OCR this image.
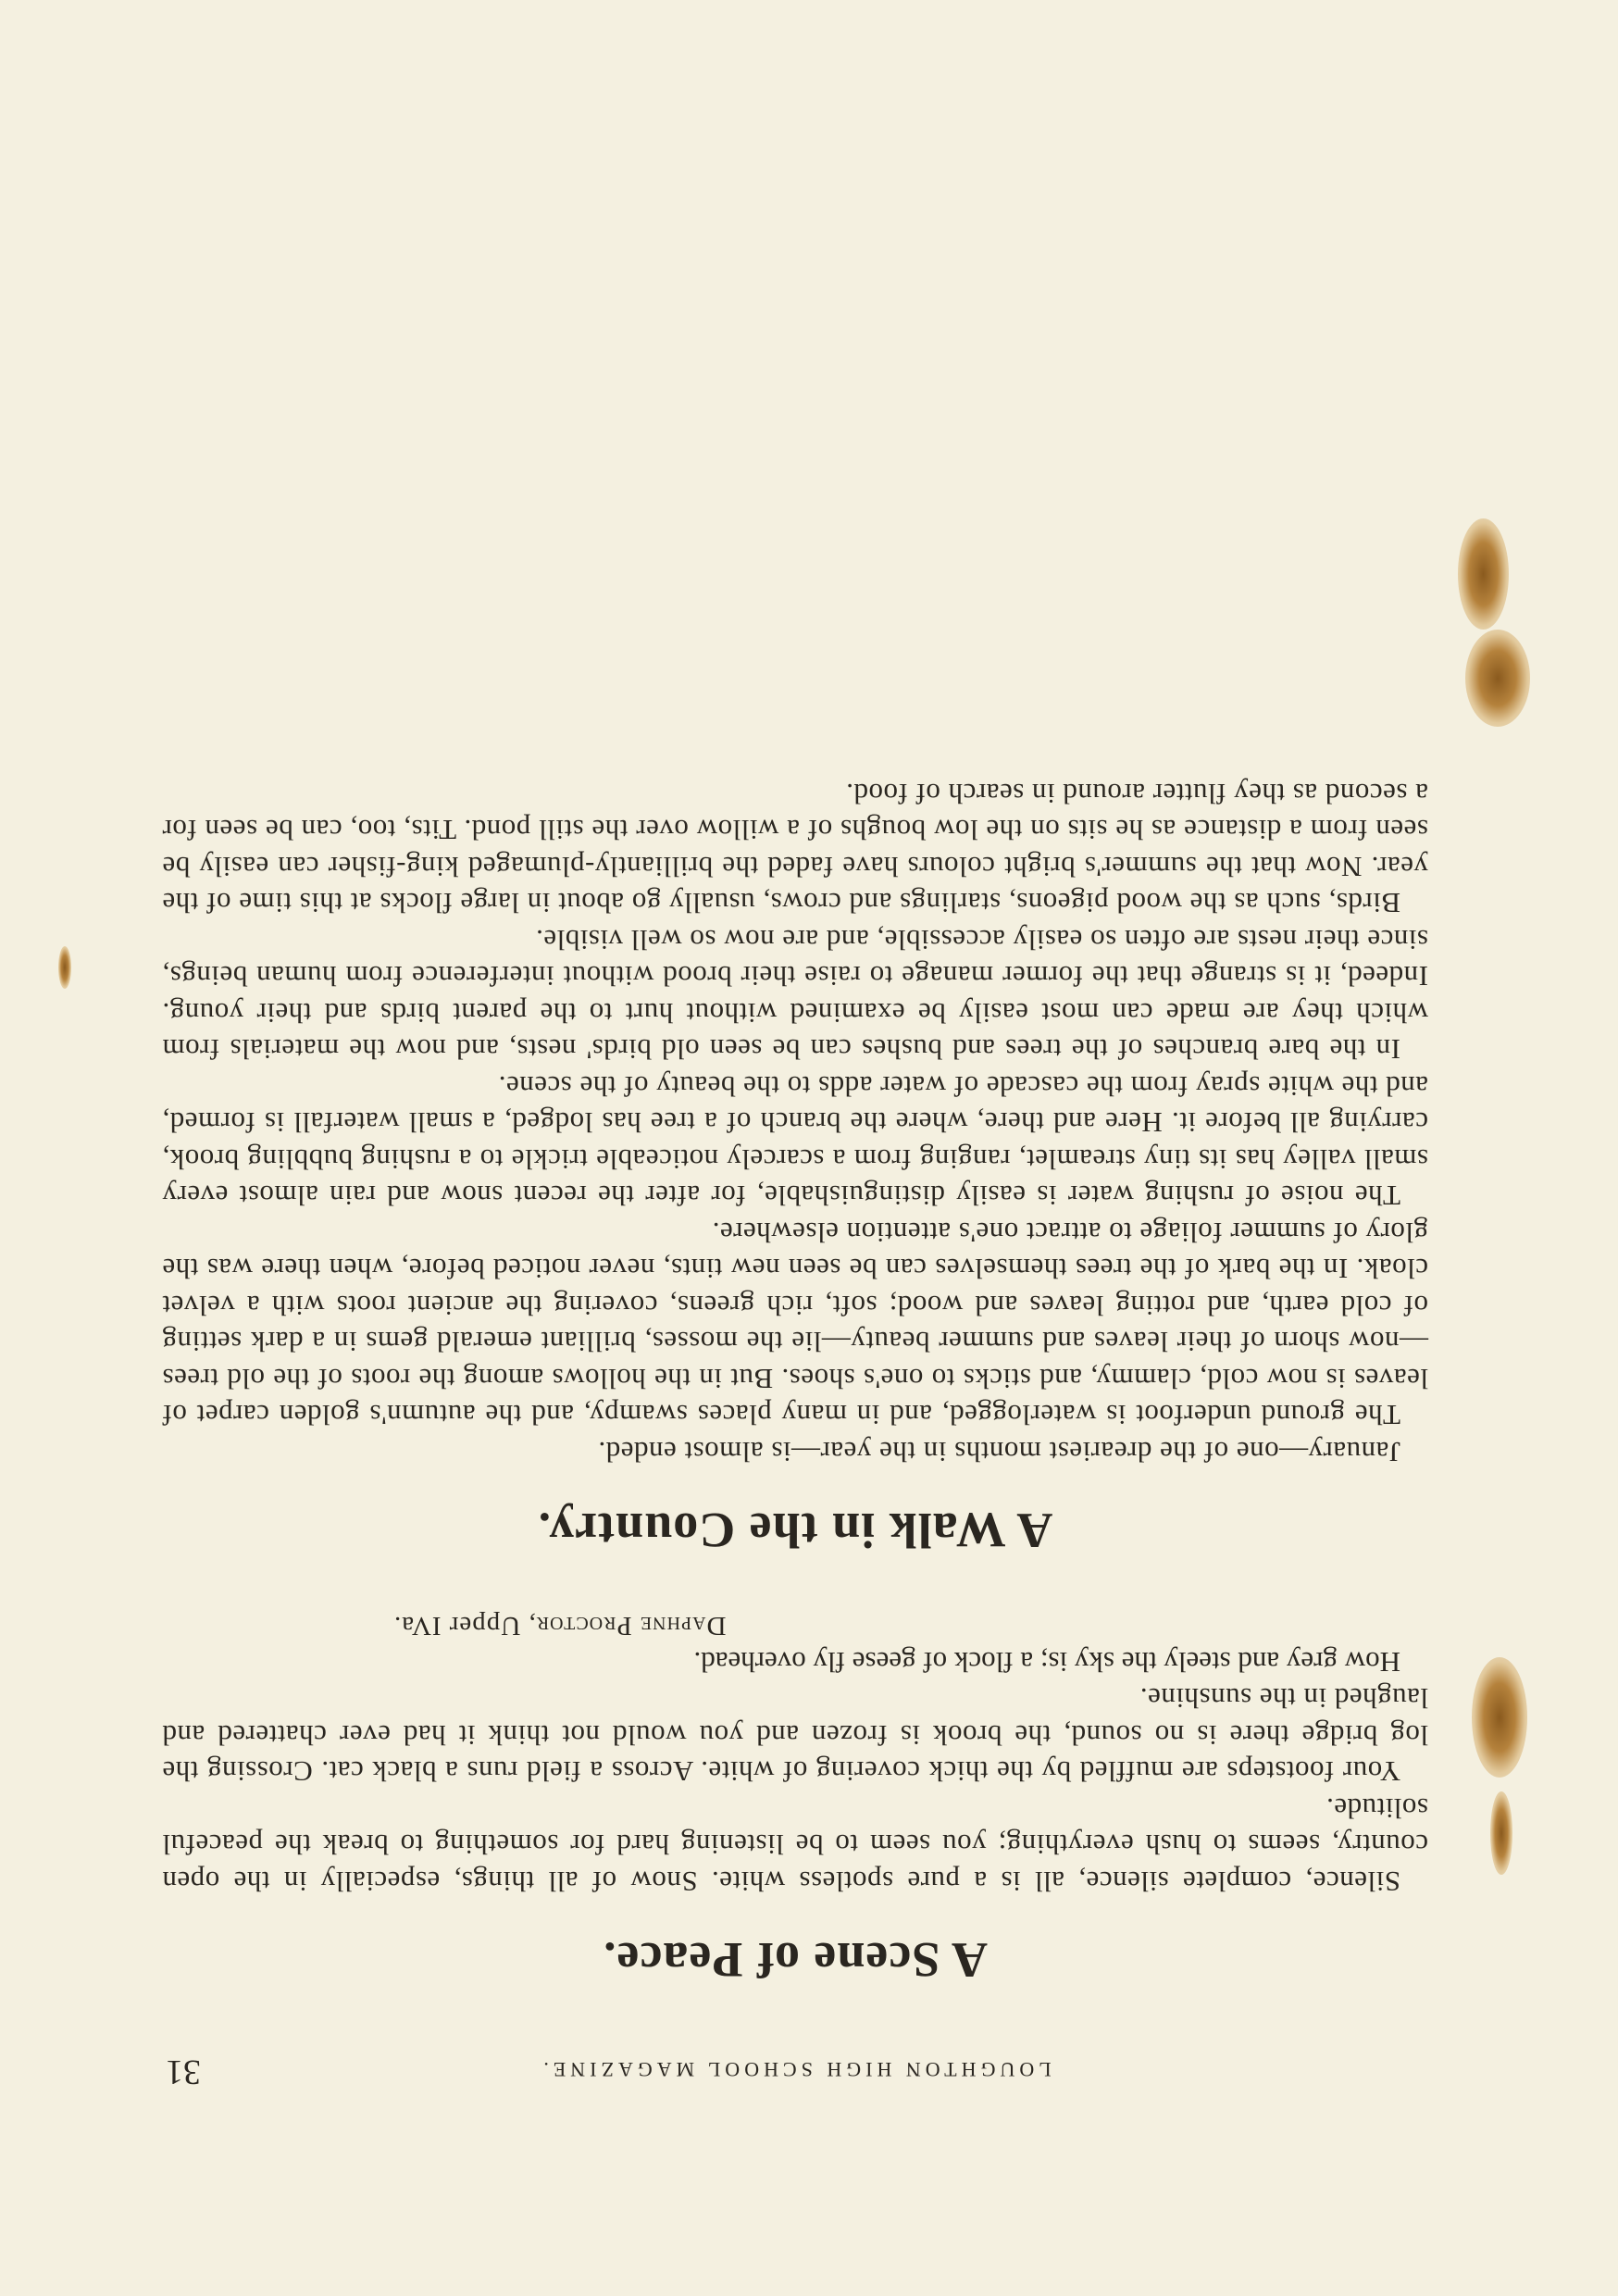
LOUGHTON HIGH SCHOOL MAGAZINE.
31
A Scene of Peace.

Silence, complete silence, all is a pure spotless white. Snow of all things, especially in the open country, seems to hush everything; you seem to be listening hard for something to break the peaceful solitude.

Your footsteps are muffled by the thick covering of white. Across a field runs a black cat. Crossing the log bridge there is no sound, the brook is frozen and you would not think it had ever chattered and laughed in the sunshine.

How grey and steely the sky is; a flock of geese fly overhead.

Daphne Proctor, Upper IVa.
A Walk in the Country.

January—one of the dreariest months in the year—is almost ended.

The ground underfoot is waterlogged, and in many places swampy, and the autumn's golden carpet of leaves is now cold, clammy, and sticks to one's shoes. But in the hollows among the roots of the old trees—now shorn of their leaves and summer beauty—lie the mosses, brilliant emerald gems in a dark setting of cold earth, and rotting leaves and wood; soft, rich greens, covering the ancient roots with a velvet cloak. In the bark of the trees themselves can be seen new tints, never noticed before, when there was the glory of summer foliage to attract one's attention elsewhere.

The noise of rushing water is easily distinguishable, for after the recent snow and rain almost every small valley has its tiny streamlet, ranging from a scarcely noticeable trickle to a rushing bubbling brook, carrying all before it. Here and there, where the branch of a tree has lodged, a small waterfall is formed, and the white spray from the cascade of water adds to the beauty of the scene.

In the bare branches of the trees and bushes can be seen old birds' nests, and now the materials from which they are made can most easily be examined without hurt to the parent birds and their young. Indeed, it is strange that the former manage to raise their brood without interference from human beings, since their nests are often so easily accessible, and are now so well visible.

Birds, such as the wood pigeons, starlings and crows, usually go about in large flocks at this time of the year. Now that the summer's bright colours have faded the brilliantly-plumaged king-fisher can easily be seen from a distance as he sits on the low boughs of a willow over the still pond. Tits, too, can be seen for a second as they flutter around in search of food.
